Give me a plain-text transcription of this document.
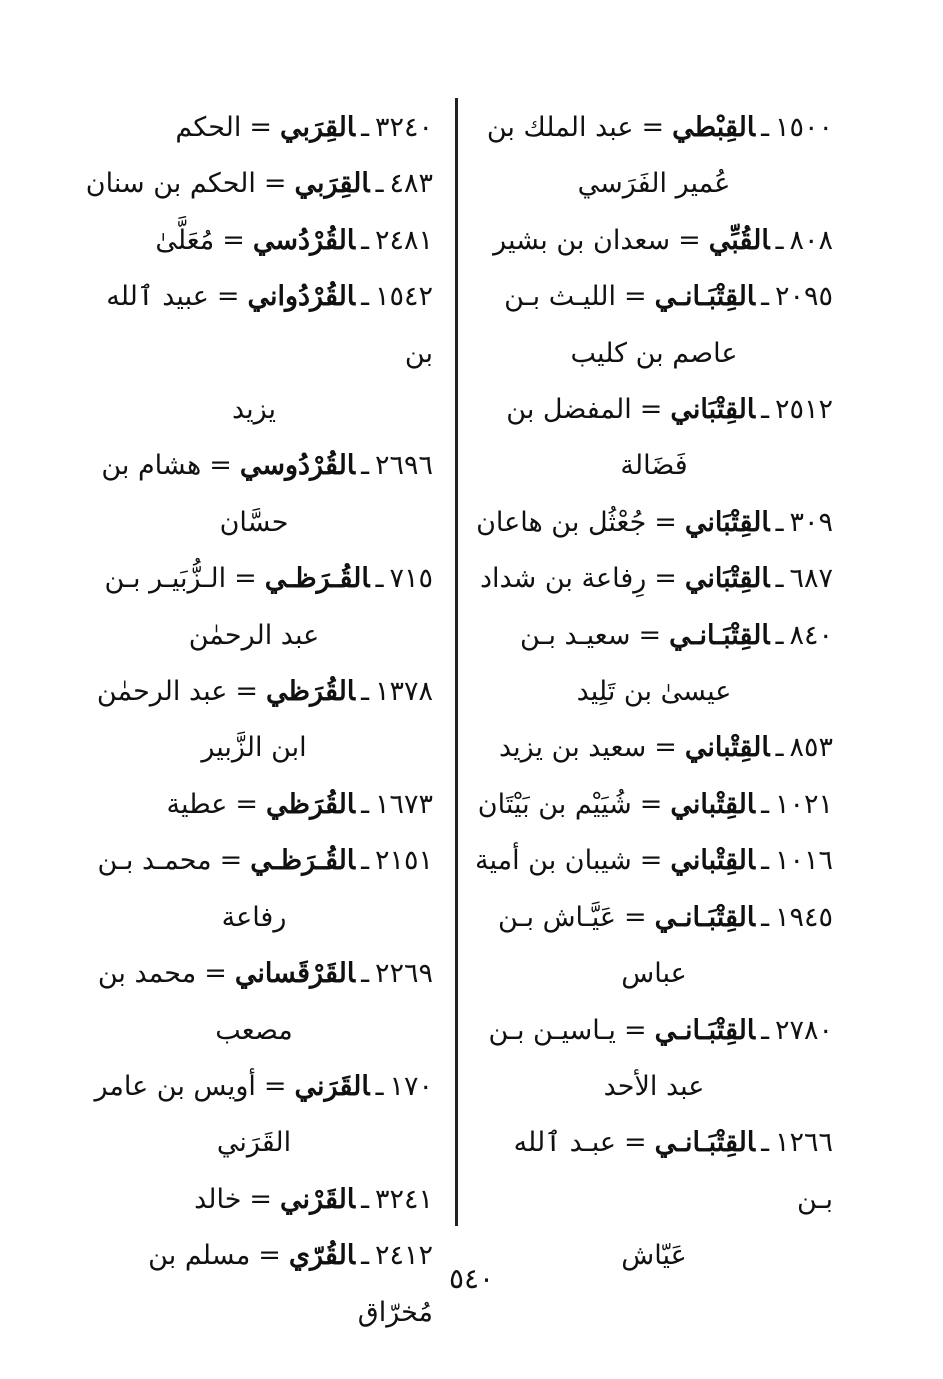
١٥٠٠ـالقِبْطي=عبد الملك بن
عُمير الفَرَسي
٨٠٨ـالقُبِّي=سعدان بن بشير
٢٠٩٥ـالقِتْبَـانـي=الليـث بـن
عاصم بن كليب
٢٥١٢ـالقِتْبَاني=المفضل بن
فَضَالة
٣٠٩ـالقِتْبَاني=جُعْثُل بن هاعان
٦٨٧ـالقِتْبَاني=رِفاعة بن شداد
٨٤٠ـالقِتْبَـانـي=سعيـد بـن
عيسىٰ بن تَلِيد
٨٥٣ـالقِتْباني=سعيد بن يزيد
١٠٢١ـالقِتْباني=شُيَيْم بن بَيْتَان
١٠١٦ـالقِتْباني=شيبان بن أمية
١٩٤٥ـالقِتْبَـانـي=عَيَّـاش بـن
عباس
٢٧٨٠ـالقِتْبَـانـي=يـاسيـن بـن
عبد الأحد
١٢٦٦ـالقِتْبَـانـي=عبـد ٱلله بـن
عَيّاش
٣٢٤٠ـالقِرَبي=الحكم
٤٨٣ـالقِرَبي=الحكم بن سنان
٢٤٨١ـالقُرْدُسي=مُعَلَّىٰ
١٥٤٢ـالقُرْدُواني=عبيد ٱلله بن
يزيد
٢٦٩٦ـالقُرْدُوسي=هشام بن
حسَّان
٧١٥ـالقُـرَظـي=الـزُّبَيـر بـن
عبد الرحمٰن
١٣٧٨ـالقُرَظي=عبد الرحمٰن
ابن الزَّبير
١٦٧٣ـالقُرَظي=عطية
٢١٥١ـالقُـرَظـي=محمـد بـن
رفاعة
٢٢٦٩ـالقَرْقَساني=محمد بن
مصعب
١٧٠ـالقَرَني=أويس بن عامر
القَرَني
٣٢٤١ـالقَرْني=خالد
٢٤١٢ـالقُرّي=مسلم بن مُخرّاق
٥٤٠
